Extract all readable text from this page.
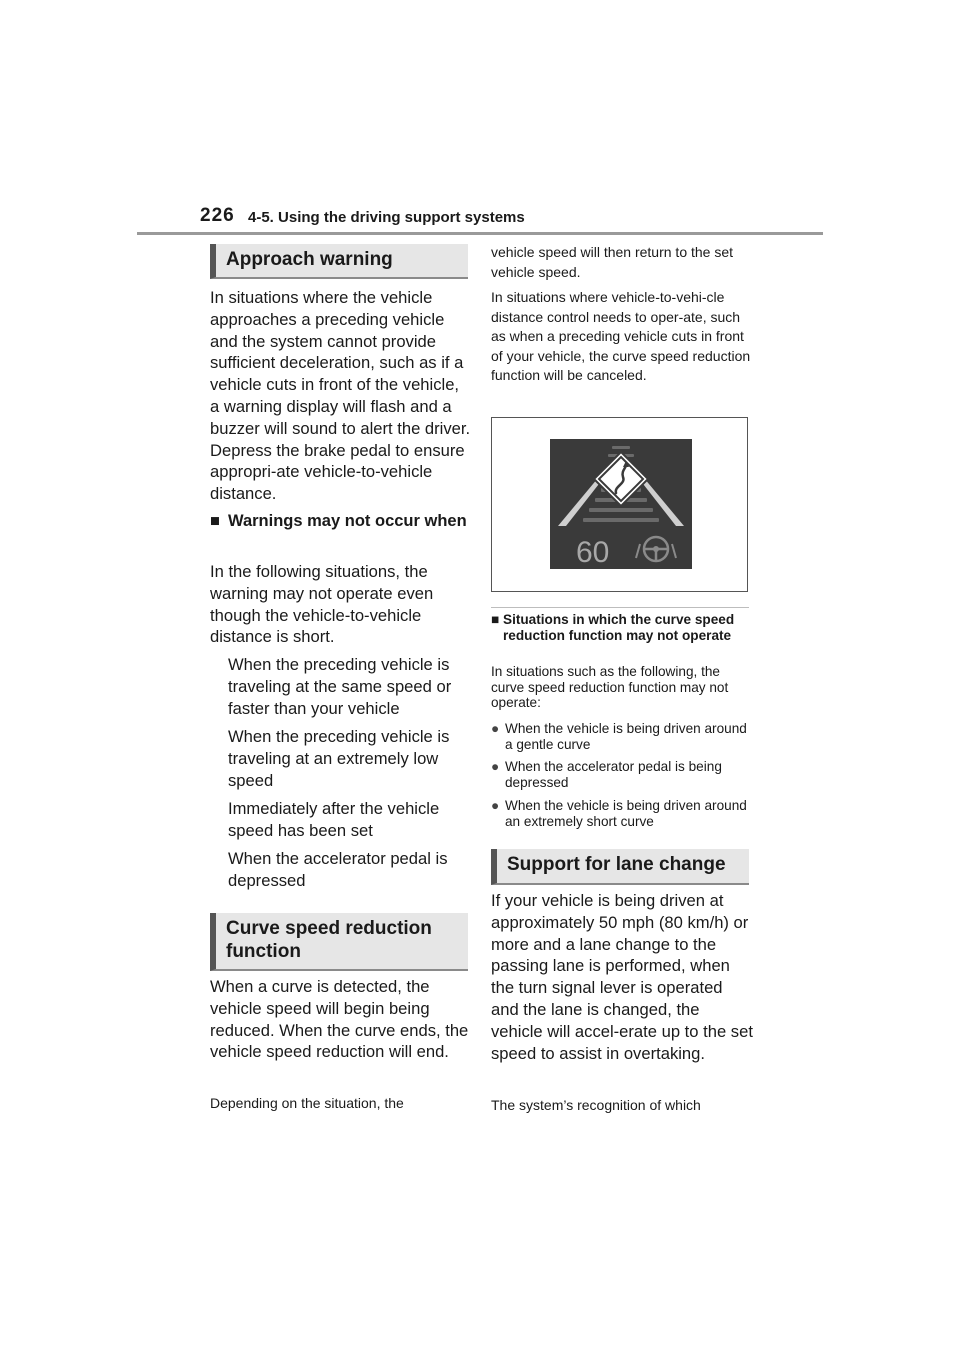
226 4-5. Using the driving support systems
Approach warning

In situations where the vehicle approaches a preceding vehicle and the system cannot provide sufficient deceleration, such as if a vehicle cuts in front of the vehicle, a warning display will flash and a buzzer will sound to alert the driver. Depress the brake pedal to ensure appropri-ate vehicle-to-vehicle distance.

■ Warnings may not occur when

In the following situations, the warning may not operate even though the vehicle-to-vehicle distance is short.

When the preceding vehicle is traveling at the same speed or faster than your vehicle
When the preceding vehicle is traveling at an extremely low speed
Immediately after the vehicle speed has been set
When the accelerator pedal is depressed
Curve speed reduction function

When a curve is detected, the vehicle speed will begin being reduced. When the curve ends, the vehicle speed reduction will end.

Depending on the situation, the

vehicle speed will then return to the set vehicle speed.

In situations where vehicle-to-vehi-cle distance control needs to oper-ate, such as when a preceding vehicle cuts in front of your vehicle, the curve speed reduction function will be canceled.

60
■ Situations in which the curve speed reduction function may not operate

In situations such as the following, the curve speed reduction function may not operate:

● When the vehicle is being driven around a gentle curve
● When the accelerator pedal is being depressed
● When the vehicle is being driven around an extremely short curve
Support for lane change

If your vehicle is being driven at approximately 50 mph (80 km/h) or more and a lane change to the passing lane is performed, when the turn signal lever is operated and the lane is changed, the vehicle will accel-erate up to the set speed to assist in overtaking.

The system’s recognition of which
